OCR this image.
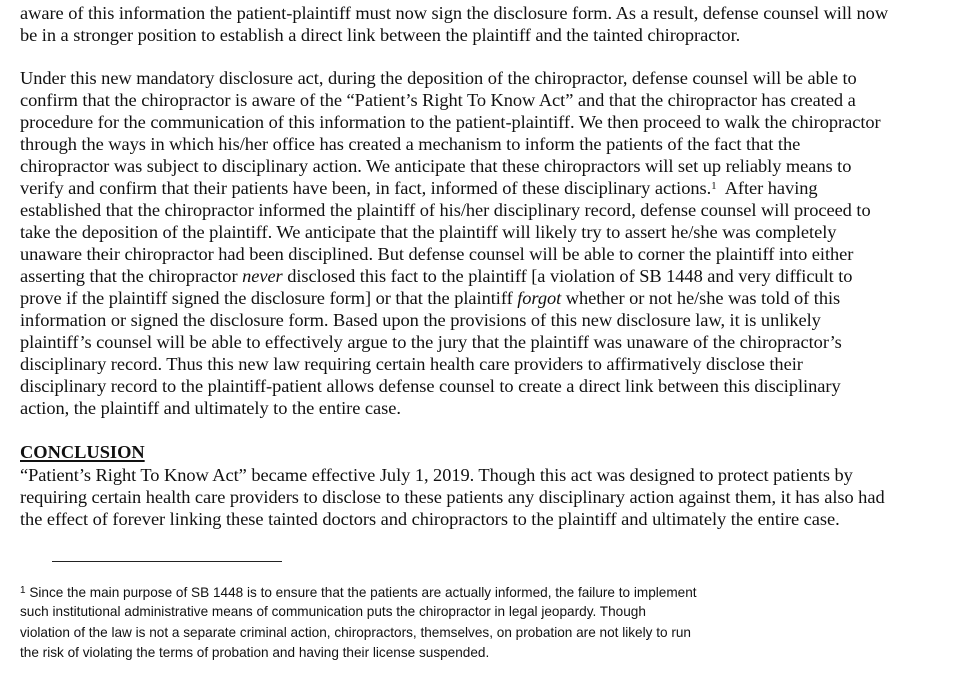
aware of this information the patient-plaintiff must now sign the disclosure form. As a result, defense counsel will now
be in a stronger position to establish a direct link between the plaintiff and the tainted chiropractor.
Under this new mandatory disclosure act, during the deposition of the chiropractor, defense counsel will be able to
confirm that the chiropractor is aware of the “Patient’s Right To Know Act” and that the chiropractor has created a
procedure for the communication of this information to the patient-plaintiff. We then proceed to walk the chiropractor
through the ways in which his/her office has created a mechanism to inform the patients of the fact that the
chiropractor was subject to disciplinary action. We anticipate that these chiropractors will set up reliably means to
verify and confirm that their patients have been, in fact, informed of these disciplinary actions.$^1$  After having
established that the chiropractor informed the plaintiff of his/her disciplinary record, defense counsel will proceed to
take the deposition of the plaintiff. We anticipate that the plaintiff will likely try to assert he/she was completely
unaware their chiropractor had been disciplined. But defense counsel will be able to corner the plaintiff into either
asserting that the chiropractor never disclosed this fact to the plaintiff [a violation of SB 1448 and very difficult to
prove if the plaintiff signed the disclosure form] or that the plaintiff forgot whether or not he/she was told of this
information or signed the disclosure form. Based upon the provisions of this new disclosure law, it is unlikely
plaintiff’s counsel will be able to effectively argue to the jury that the plaintiff was unaware of the chiropractor’s
disciplinary record. Thus this new law requiring certain health care providers to affirmatively disclose their
disciplinary record to the plaintiff-patient allows defense counsel to create a direct link between this disciplinary
action, the plaintiff and ultimately to the entire case.
CONCLUSION
“Patient’s Right To Know Act” became effective July 1, 2019. Though this act was designed to protect patients by
requiring certain health care providers to disclose to these patients any disciplinary action against them, it has also had
the effect of forever linking these tainted doctors and chiropractors to the plaintiff and ultimately the entire case.
$^1$ Since the main purpose of SB 1448 is to ensure that the patients are actually informed, the failure to implement
such institutional administrative means of communication puts the chiropractor in legal jeopardy. Though
violation of the law is not a separate criminal action, chiropractors, themselves, on probation are not likely to run
the risk of violating the terms of probation and having their license suspended.
